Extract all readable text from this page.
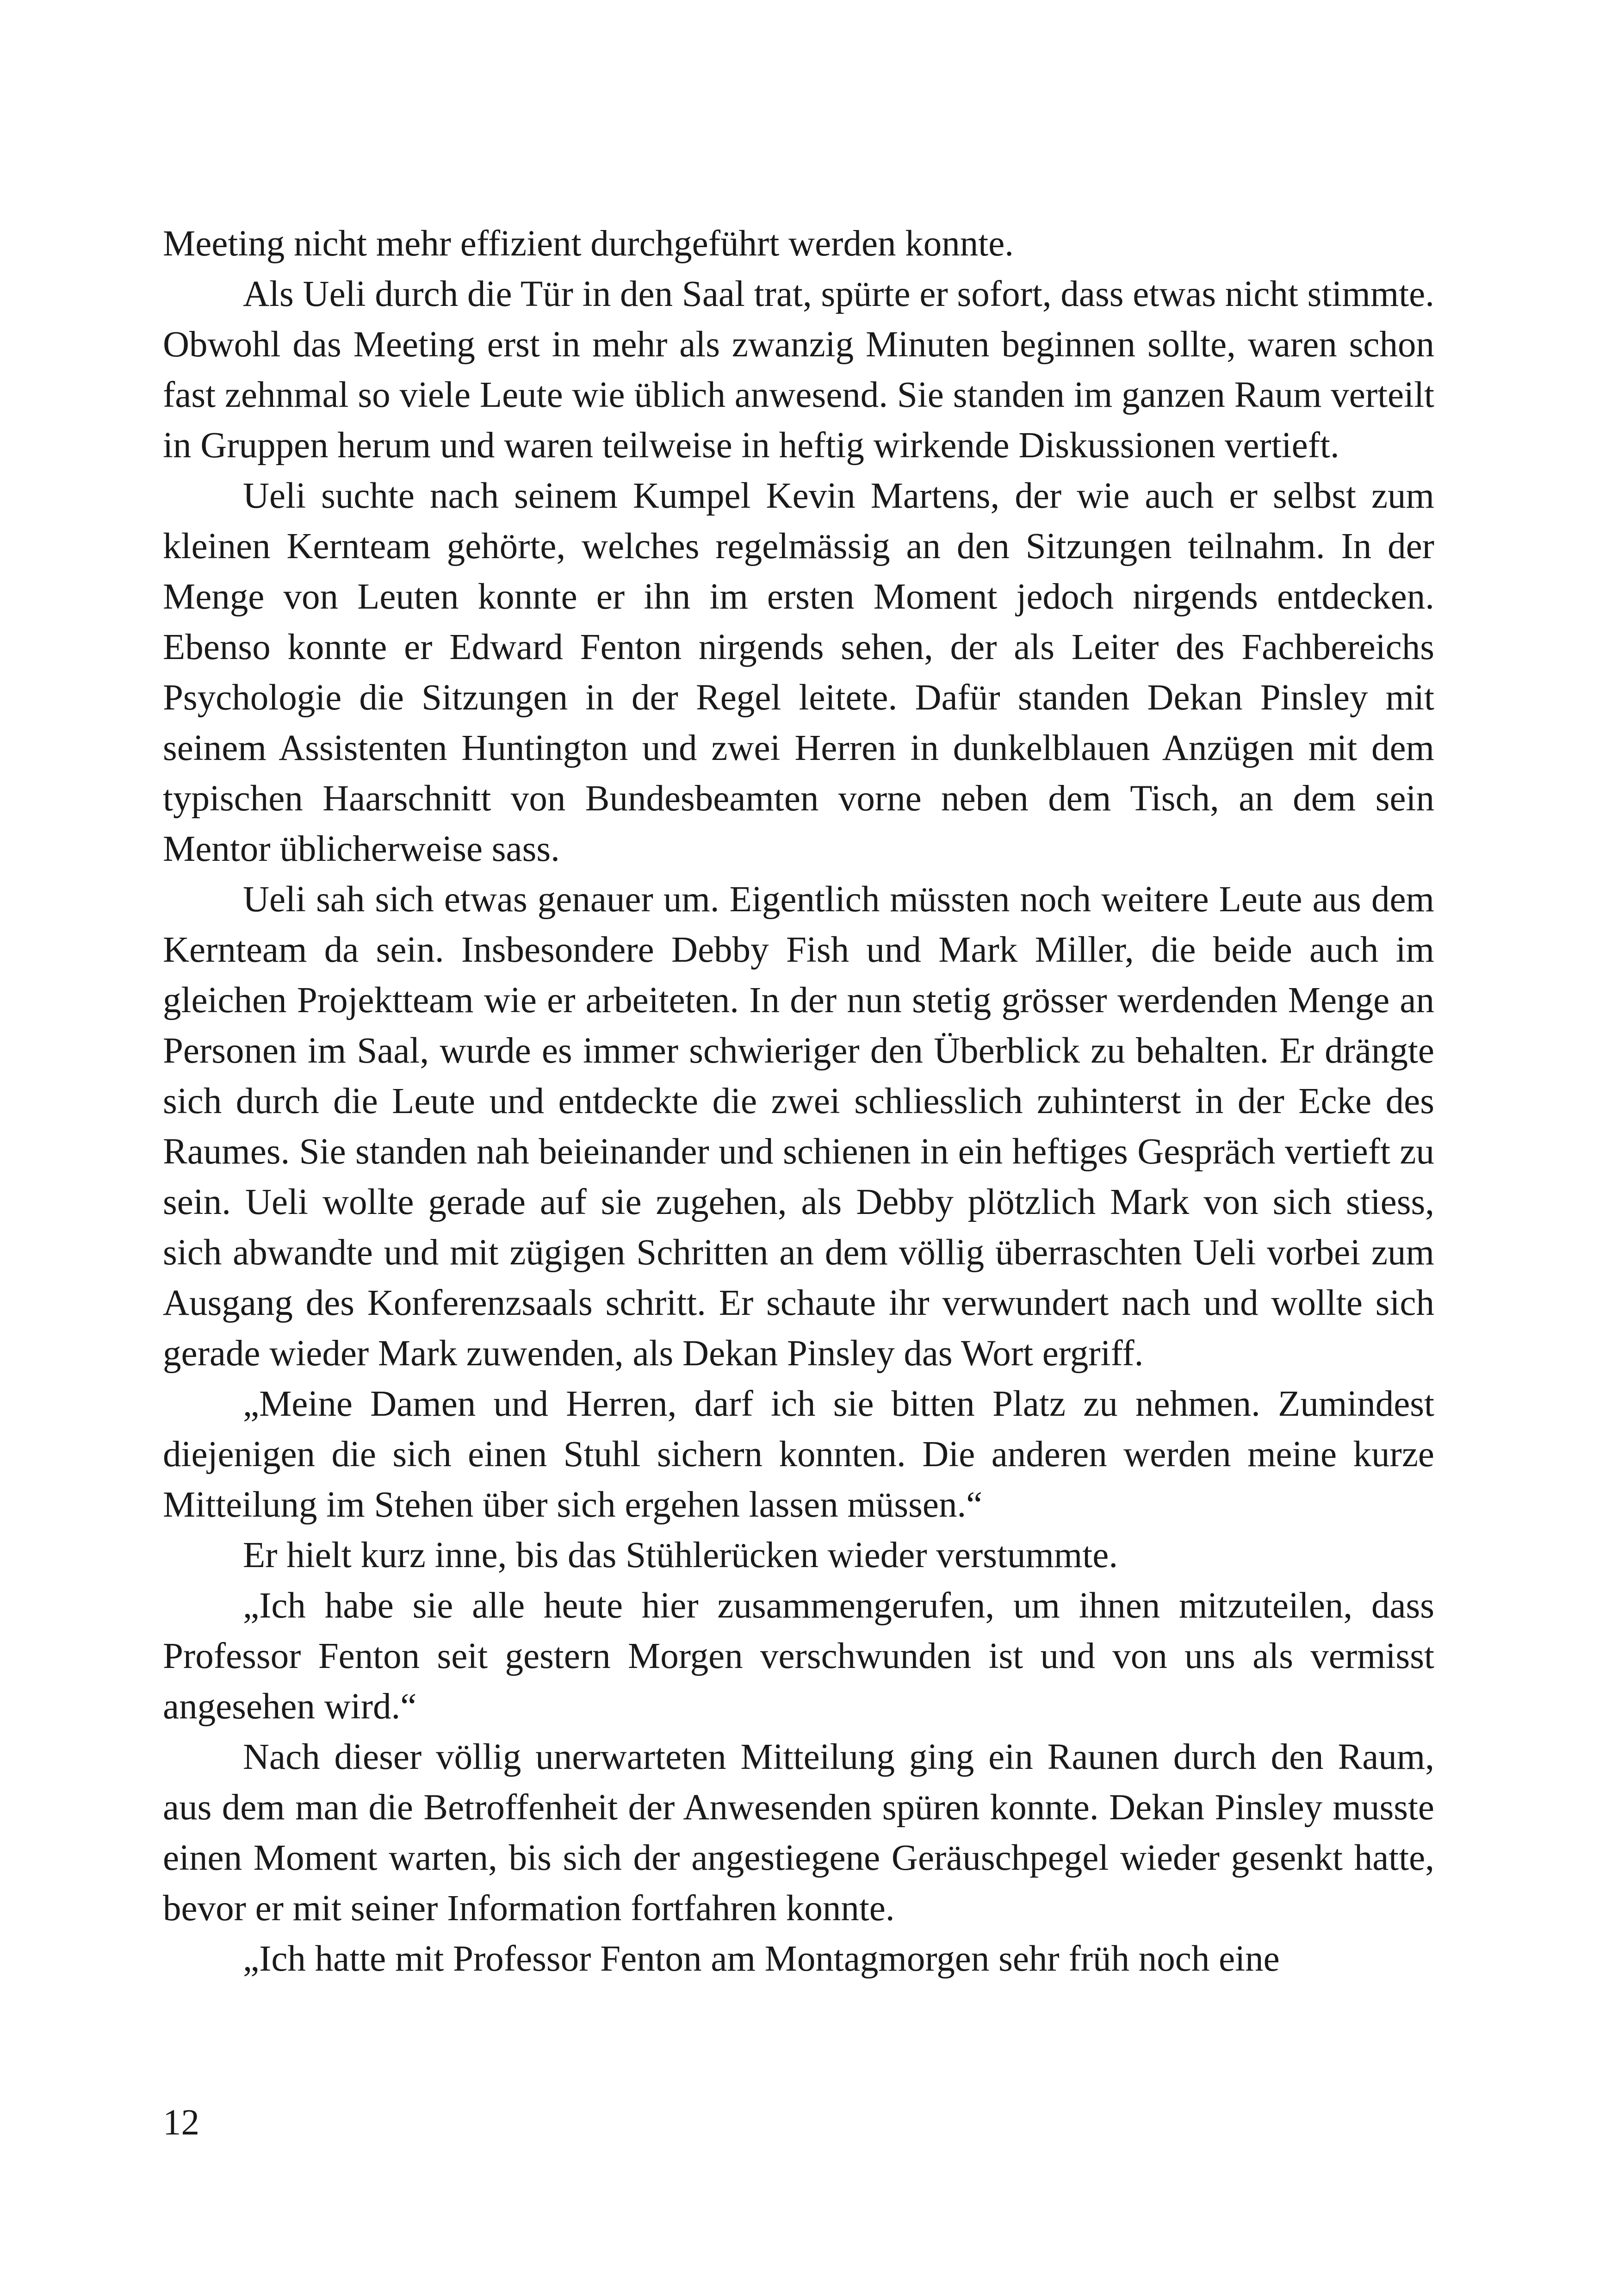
Meeting nicht mehr effizient durchgeführt werden konnte.

Als Ueli durch die Tür in den Saal trat, spürte er sofort, dass etwas nicht stimmte. Obwohl das Meeting erst in mehr als zwanzig Minuten beginnen sollte, waren schon fast zehnmal so viele Leute wie üblich anwesend. Sie standen im ganzen Raum verteilt in Gruppen herum und waren teilweise in heftig wirkende Diskussionen vertieft.

Ueli suchte nach seinem Kumpel Kevin Martens, der wie auch er selbst zum kleinen Kernteam gehörte, welches regelmässig an den Sitzungen teilnahm. In der Menge von Leuten konnte er ihn im ersten Moment jedoch nirgends entdecken. Ebenso konnte er Edward Fenton nirgends sehen, der als Leiter des Fachbereichs Psychologie die Sitzungen in der Regel leitete. Dafür standen Dekan Pinsley mit seinem Assistenten Huntington und zwei Herren in dunkelblauen Anzügen mit dem typischen Haarschnitt von Bundesbeamten vorne neben dem Tisch, an dem sein Mentor üblicherweise sass.

Ueli sah sich etwas genauer um. Eigentlich müssten noch weitere Leute aus dem Kernteam da sein. Insbesondere Debby Fish und Mark Miller, die beide auch im gleichen Projektteam wie er arbeiteten. In der nun stetig grösser werdenden Menge an Personen im Saal, wurde es immer schwieriger den Überblick zu behalten. Er drängte sich durch die Leute und entdeckte die zwei schliesslich zuhinterst in der Ecke des Raumes. Sie standen nah beieinander und schienen in ein heftiges Gespräch vertieft zu sein. Ueli wollte gerade auf sie zugehen, als Debby plötzlich Mark von sich stiess, sich abwandte und mit zügigen Schritten an dem völlig überraschten Ueli vorbei zum Ausgang des Konferenzsaals schritt. Er schaute ihr verwundert nach und wollte sich gerade wieder Mark zuwenden, als Dekan Pinsley das Wort ergriff.

„Meine Damen und Herren, darf ich sie bitten Platz zu nehmen. Zumindest diejenigen die sich einen Stuhl sichern konnten. Die anderen werden meine kurze Mitteilung im Stehen über sich ergehen lassen müssen.“

Er hielt kurz inne, bis das Stühlerücken wieder verstummte.

„Ich habe sie alle heute hier zusammengerufen, um ihnen mitzuteilen, dass Professor Fenton seit gestern Morgen verschwunden ist und von uns als vermisst angesehen wird.“

Nach dieser völlig unerwarteten Mitteilung ging ein Raunen durch den Raum, aus dem man die Betroffenheit der Anwesenden spüren konnte. Dekan Pinsley musste einen Moment warten, bis sich der angestiegene Geräuschpegel wieder gesenkt hatte, bevor er mit seiner Information fortfahren konnte.

„Ich hatte mit Professor Fenton am Montagmorgen sehr früh noch eine

12
